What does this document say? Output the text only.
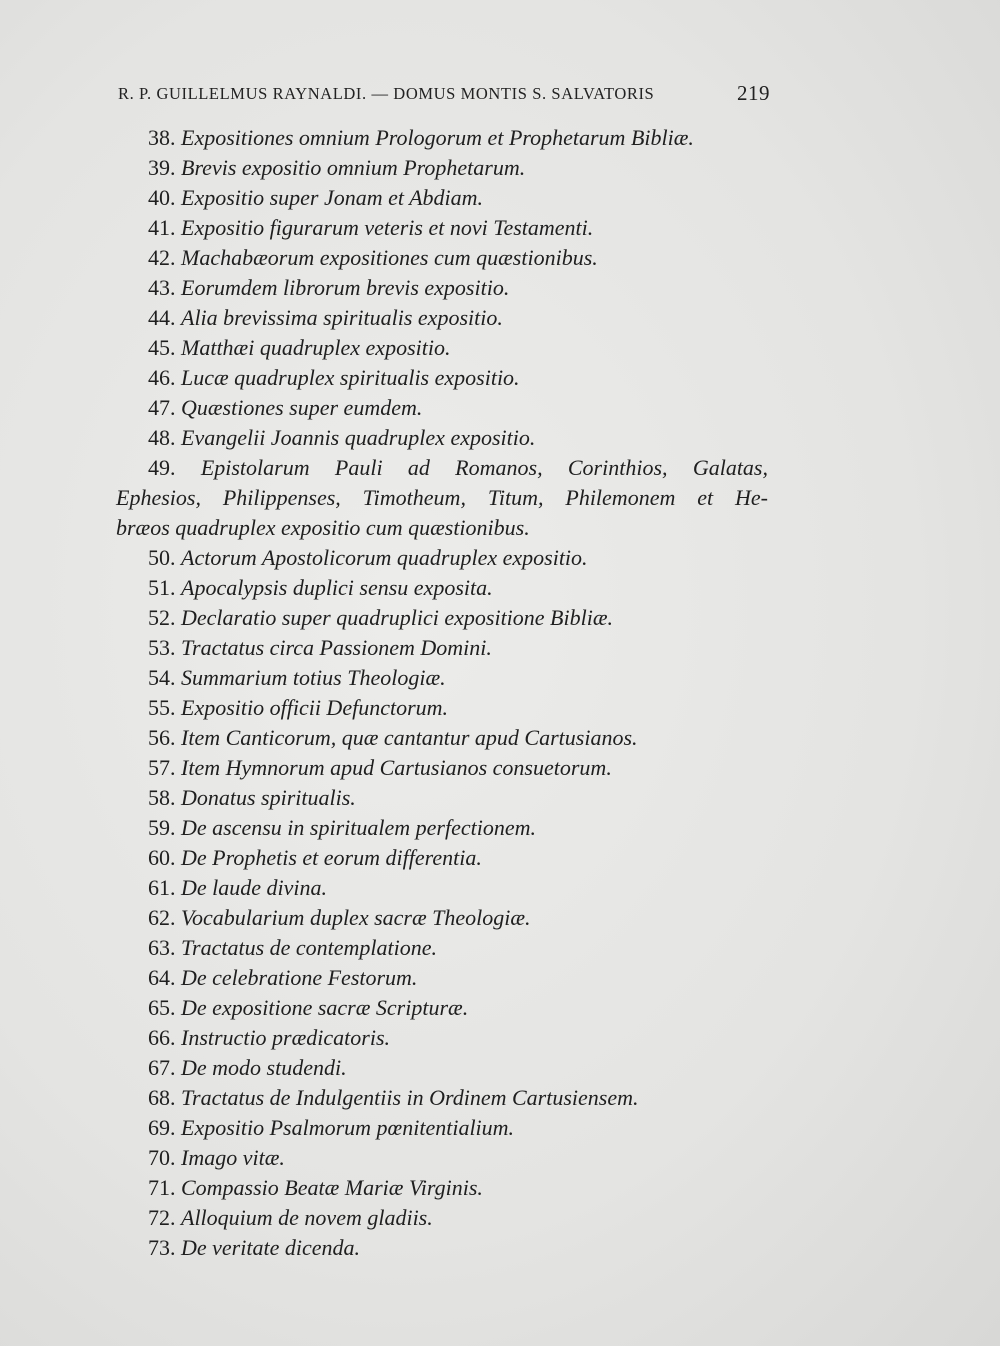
R. P. GUILLELMUS RAYNALDI. — DOMUS MONTIS S. SALVATORIS	219
38. Expositiones omnium Prologorum et Prophetarum Bibliæ.
39. Brevis expositio omnium Prophetarum.
40. Expositio super Jonam et Abdiam.
41. Expositio figurarum veteris et novi Testamenti.
42. Machabæorum expositiones cum quæstionibus.
43. Eorumdem librorum brevis expositio.
44. Alia brevissima spiritualis expositio.
45. Matthæi quadruplex expositio.
46. Lucæ quadruplex spiritualis expositio.
47. Quæstiones super eumdem.
48. Evangelii Joannis quadruplex expositio.
49. Epistolarum Pauli ad Romanos, Corinthios, Galatas,
Ephesios, Philippenses, Timotheum, Titum, Philemonem et He-
bræos quadruplex expositio cum quæstionibus.
50. Actorum Apostolicorum quadruplex expositio.
51. Apocalypsis duplici sensu exposita.
52. Declaratio super quadruplici expositione Bibliæ.
53. Tractatus circa Passionem Domini.
54. Summarium totius Theologiæ.
55. Expositio officii Defunctorum.
56. Item Canticorum, quæ cantantur apud Cartusianos.
57. Item Hymnorum apud Cartusianos consuetorum.
58. Donatus spiritualis.
59. De ascensu in spiritualem perfectionem.
60. De Prophetis et eorum differentia.
61. De laude divina.
62. Vocabularium duplex sacræ Theologiæ.
63. Tractatus de contemplatione.
64. De celebratione Festorum.
65. De expositione sacræ Scripturæ.
66. Instructio prædicatoris.
67. De modo studendi.
68. Tractatus de Indulgentiis in Ordinem Cartusiensem.
69. Expositio Psalmorum pœnitentialium.
70. Imago vitæ.
71. Compassio Beatæ Mariæ Virginis.
72. Alloquium de novem gladiis.
73. De veritate dicenda.
